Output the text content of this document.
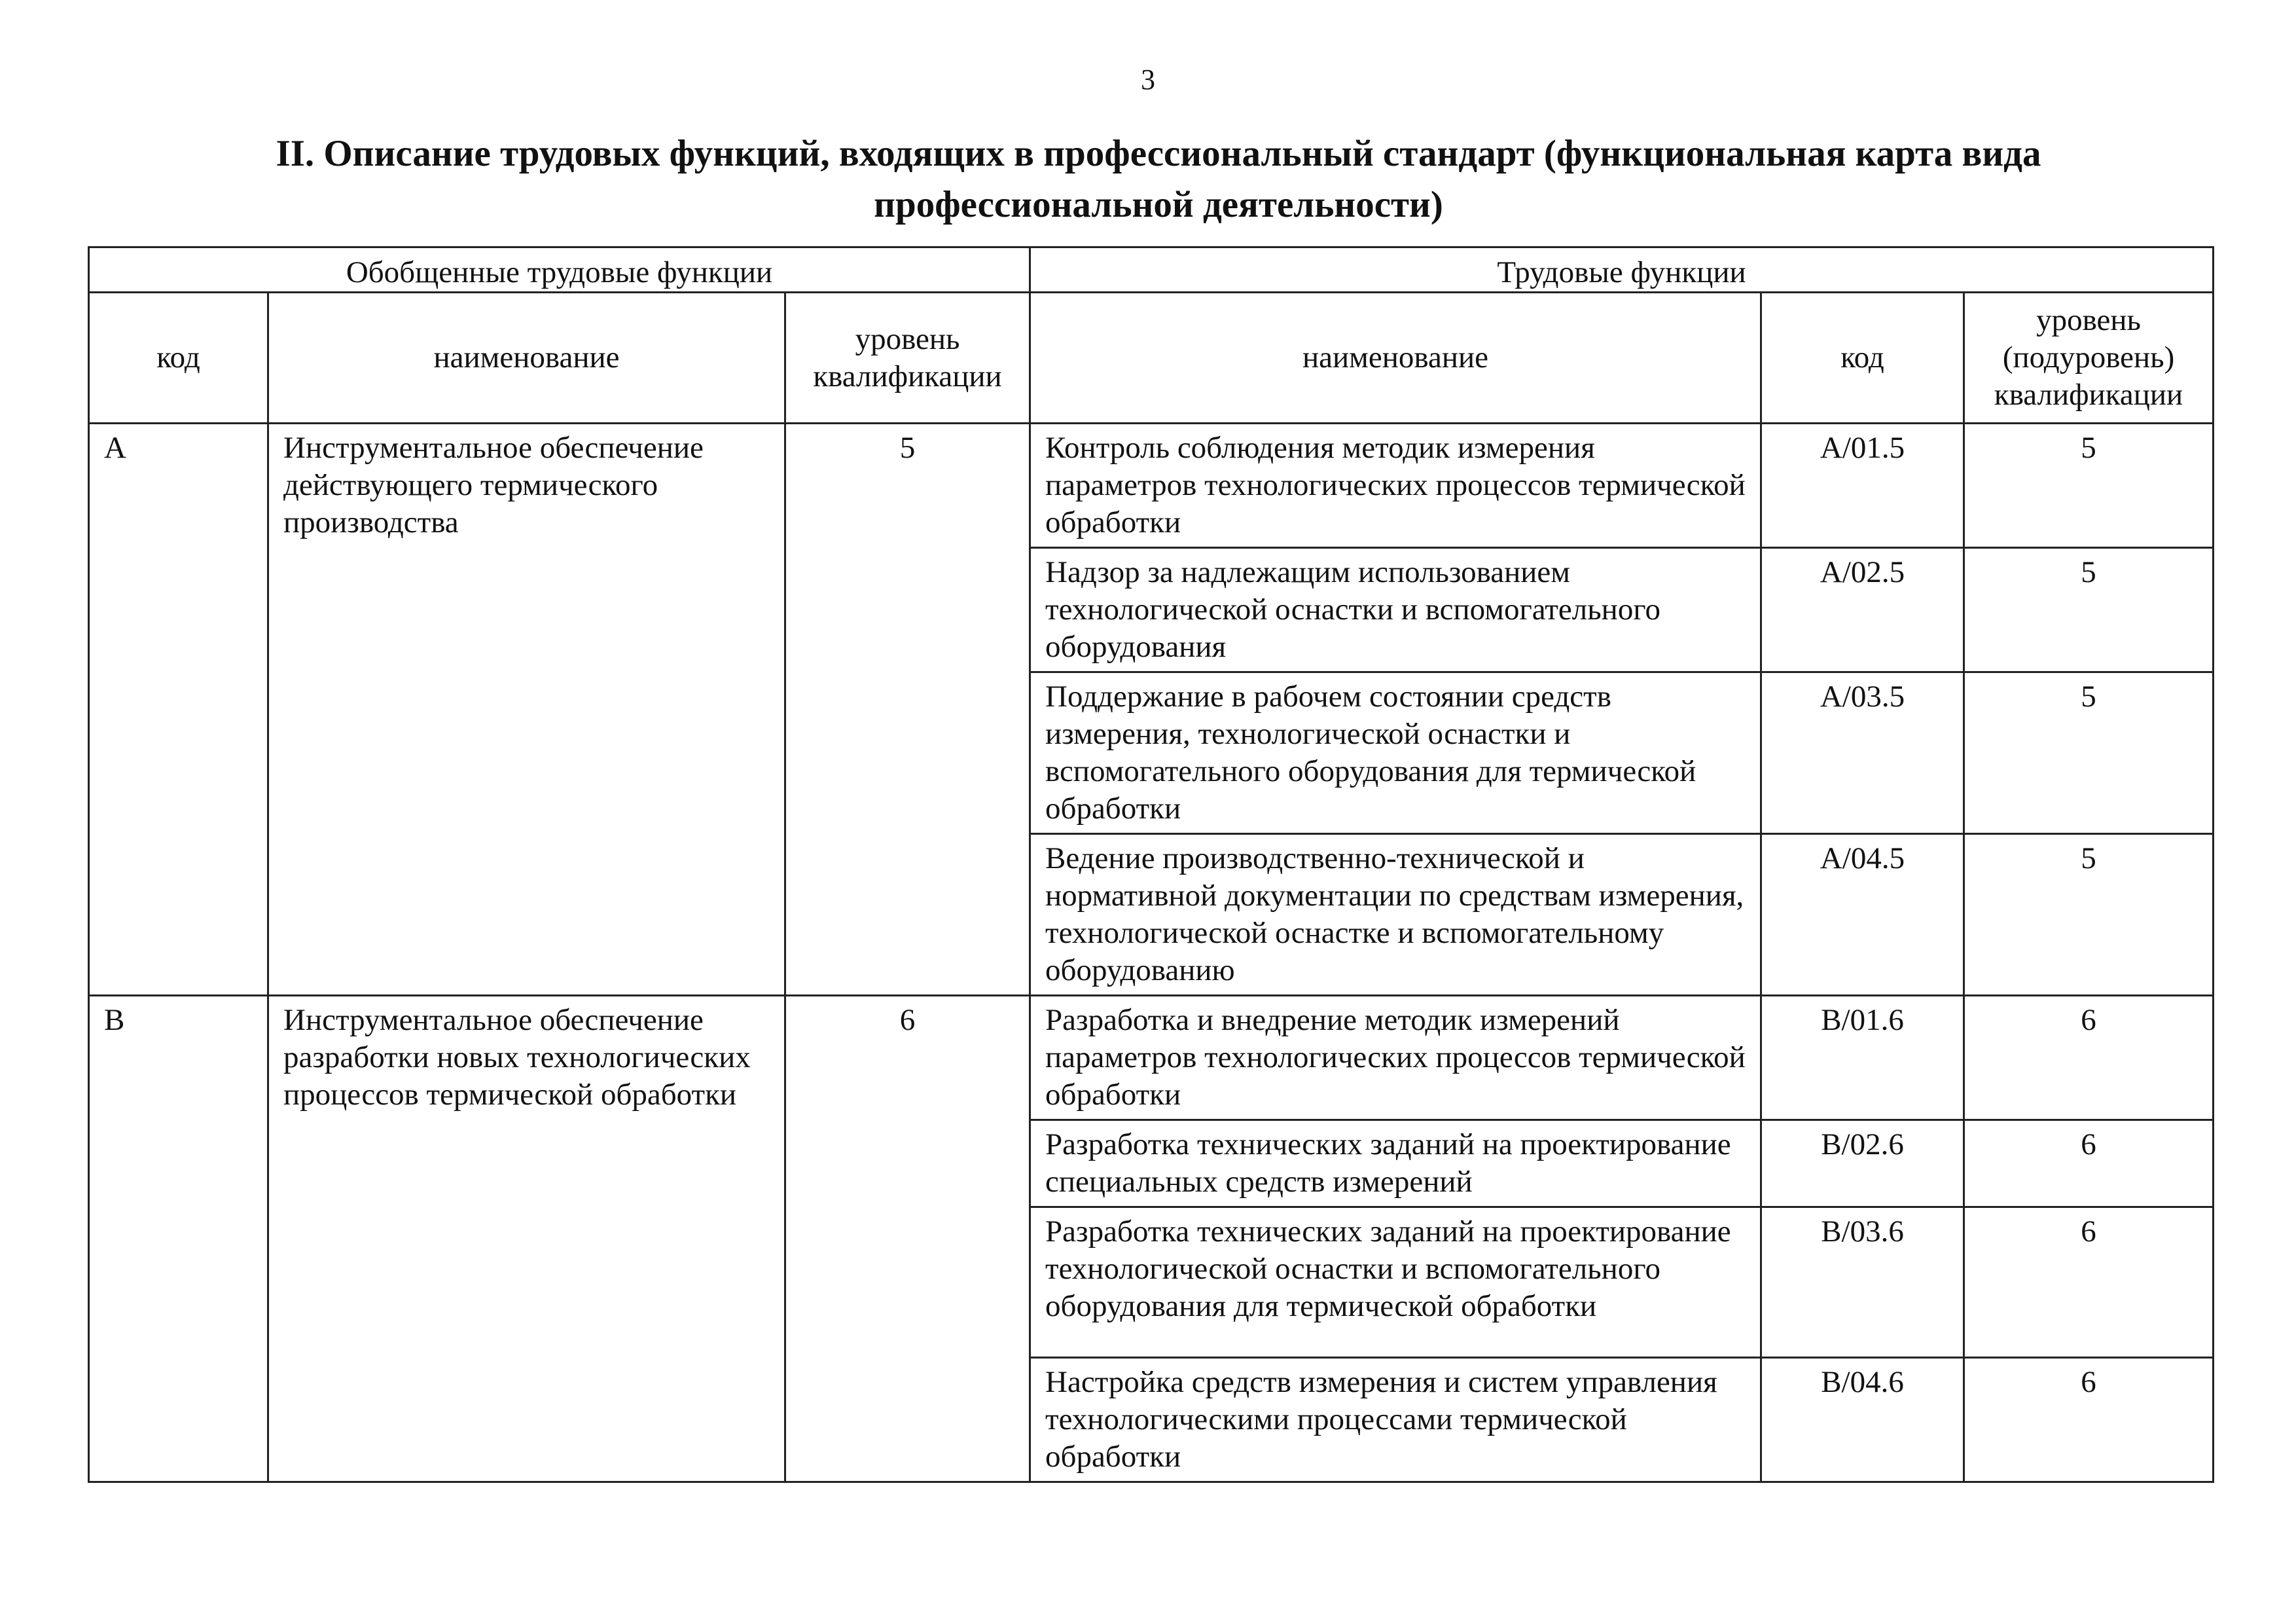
3
II. Описание трудовых функций, входящих в профессиональный стандарт (функциональная карта вида
профессиональной деятельности)
Обобщенные трудовые функции			Трудовые функции		
код	наименование	уровень квалификации	наименование	код	уровень (подуровень) квалификации
A	Инструментальное обеспечение действующего термического производства	5	Контроль соблюдения методик измерения параметров технологических процессов термической обработки	A/01.5	5
			Надзор за надлежащим использованием технологической оснастки и вспомогательного оборудования	A/02.5	5
			Поддержание в рабочем состоянии средств измерения, технологической оснастки и вспомогательного оборудования для термической обработки	A/03.5	5
			Ведение производственно-технической и нормативной документации по средствам измерения, технологической оснастке и вспомогательному оборудованию	A/04.5	5
B	Инструментальное обеспечение разработки новых технологических процессов термической обработки	6	Разработка и внедрение методик измерений параметров технологических процессов термической обработки	B/01.6	6
			Разработка технических заданий на проектирование специальных средств измерений	B/02.6	6
			Разработка технических заданий на проектирование технологической оснастки и вспомогательного оборудования для термической обработки	B/03.6	6
			Настройка средств измерения и систем управления технологическими процессами термической обработки	B/04.6	6
